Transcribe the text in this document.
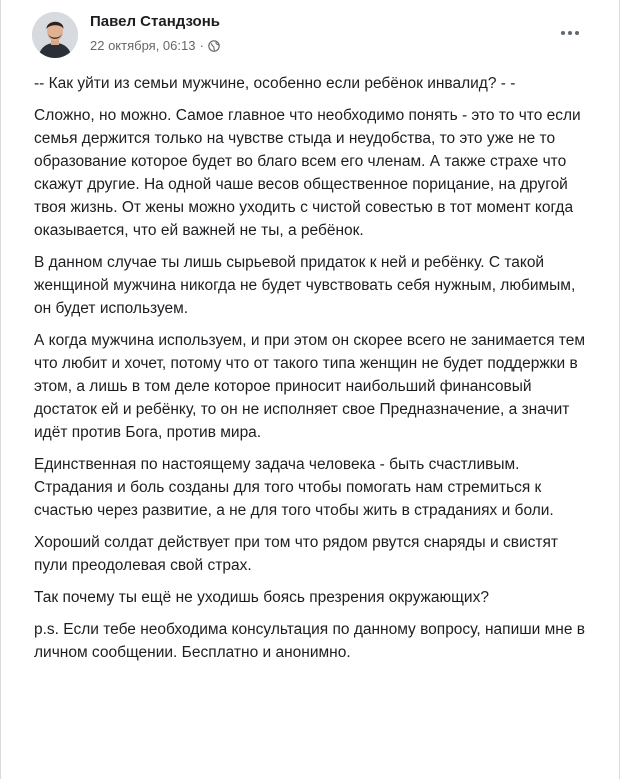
Павел Стандзонь
22 октября, 06:13 ·

-- Как уйти из семьи мужчине, особенно если ребёнок инвалид? - -

Сложно, но можно. Самое главное что необходимо понять - это то что если семья держится только на чувстве стыда и неудобства, то это уже не то образование которое будет во благо всем его членам. А также страхе что скажут другие. На одной чаше весов общественное порицание, на другой твоя жизнь. От жены можно уходить с чистой совестью в тот момент когда оказывается, что ей важней не ты, а ребёнок.

В данном случае ты лишь сырьевой придаток к ней и ребёнку. С такой женщиной мужчина никогда не будет чувствовать себя нужным, любимым, он будет используем.

А когда мужчина используем, и при этом он скорее всего не занимается тем что любит и хочет, потому что от такого типа женщин не будет поддержки в этом, а лишь в том деле которое приносит наибольший финансовый достаток ей и ребёнку, то он не исполняет свое Предназначение, а значит идёт против Бога, против мира.

Единственная по настоящему задача человека - быть счастливым. Страдания и боль созданы для того чтобы помогать нам стремиться к счастью через развитие, а не для того чтобы жить в страданиях и боли.

Хороший солдат действует при том что рядом рвутся снаряды и свистят пули преодолевая свой страх.

Так почему ты ещё не уходишь боясь презрения окружающих?

p.s. Если тебе необходима консультация по данному вопросу, напиши мне в личном сообщении. Бесплатно и анонимно.
